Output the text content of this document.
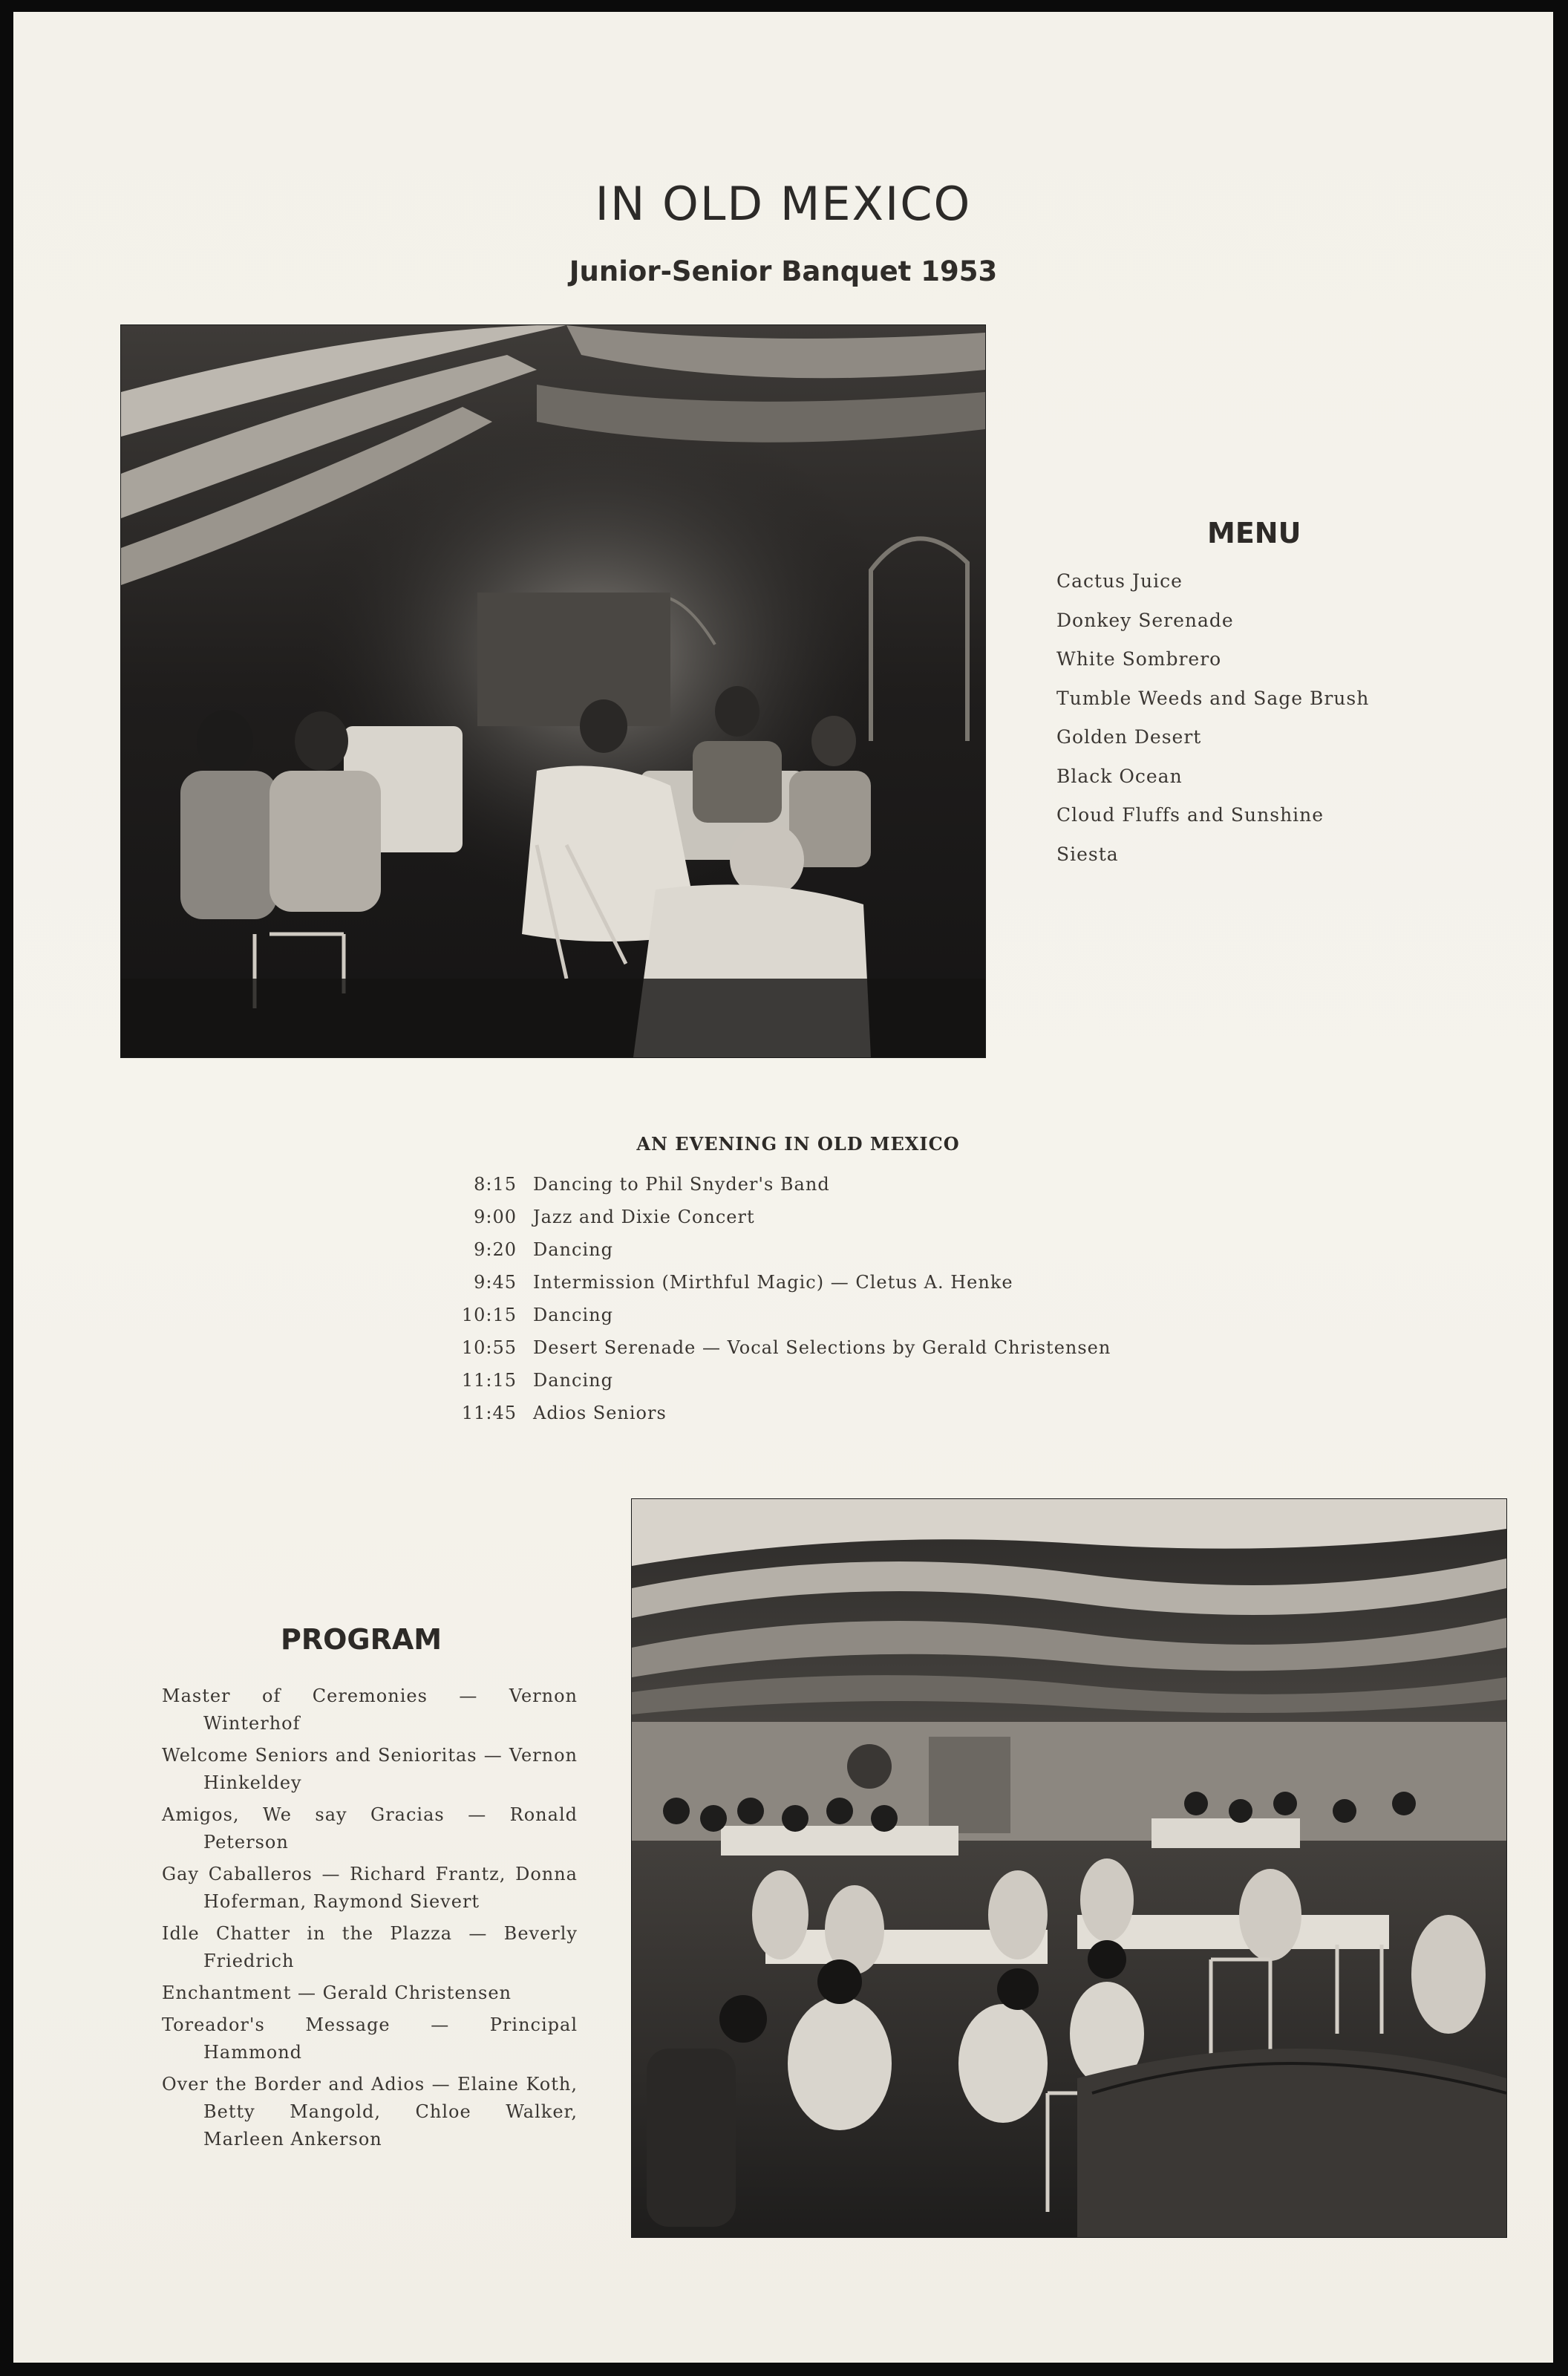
IN OLD MEXICO
Junior-Senior Banquet 1953
MENU
Cactus Juice
Donkey Serenade
White Sombrero
Tumble Weeds and Sage Brush
Golden Desert
Black Ocean
Cloud Fluffs and Sunshine
Siesta
AN EVENING IN OLD MEXICO
8:15 Dancing to Phil Snyder's Band
9:00 Jazz and Dixie Concert
9:20 Dancing
9:45 Intermission (Mirthful Magic) — Cletus A. Henke
10:15 Dancing
10:55 Desert Serenade — Vocal Selections by Gerald Christensen
11:15 Dancing
11:45 Adios Seniors
PROGRAM
Master of Ceremonies — Vernon Winterhof
Welcome Seniors and Senioritas — Vernon Hinkeldey
Amigos, We say Gracias — Ronald Peterson
Gay Caballeros — Richard Frantz, Donna Hoferman, Raymond Sievert
Idle Chatter in the Plazza — Beverly Friedrich
Enchantment — Gerald Christensen
Toreador's Message — Principal Hammond
Over the Border and Adios — Elaine Koth, Betty Mangold, Chloe Walker, Marleen Ankerson
